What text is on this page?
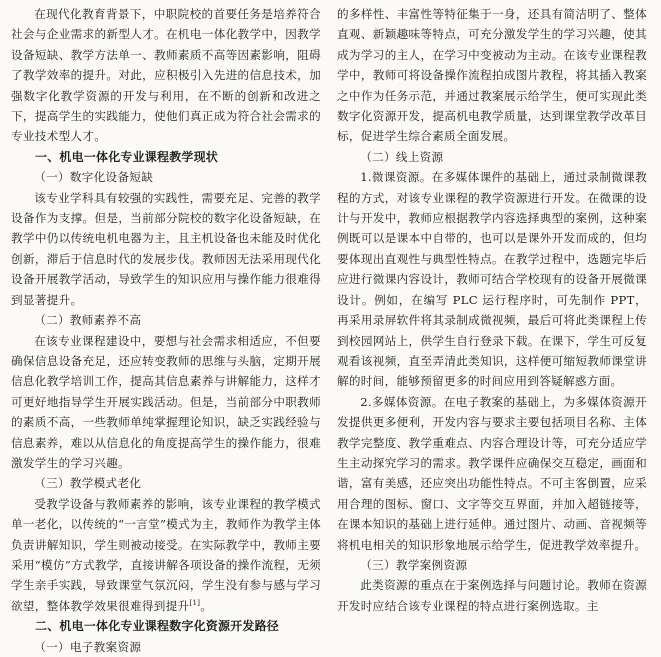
在现代化教育背景下，中职院校的首要任务是培养符合社会与企业需求的新型人才。在机电一体化教学中，因教学设备短缺、教学方法单一、教师素质不高等因素影响，阻碍了教学效率的提升。对此，应积极引入先进的信息技术，加强数字化教学资源的开发与利用，在不断的创新和改进之下，提高学生的实践能力，使他们真正成为符合社会需求的专业技术型人才。

一、机电一体化专业课程教学现状
（一）数字化设备短缺

该专业学科具有较强的实践性，需要充足、完善的教学设备作为支撑。但是，当前部分院校的数字化设备短缺，在教学中仍以传统电机电器为主，且主机设备也未能及时优化创新，滞后于信息时代的发展步伐。教师因无法采用现代化设备开展教学活动，导致学生的知识应用与操作能力很难得到显著提升。

（二）教师素养不高

在该专业课程建设中，要想与社会需求相适应，不但要确保信息设备充足，还应转变教师的思维与头脑，定期开展信息化教学培训工作，提高其信息素养与讲解能力，这样才可更好地指导学生开展实践活动。但是，当前部分中职教师的素质不高，一些教师单纯掌握理论知识，缺乏实践经验与信息素养，难以从信息化的角度提高学生的操作能力，很难激发学生的学习兴趣。

（三）教学模式老化

受教学设备与教师素养的影响，该专业课程的教学模式单一老化，以传统的“一言堂”模式为主，教师作为教学主体负责讲解知识，学生则被动接受。在实际教学中，教师主要采用“模仿”方式教学，直接讲解各项设备的操作流程，无须学生亲手实践，导致课堂气氛沉闷，学生没有参与感与学习欲望，整体教学效果很难得到提升[1]。

二、机电一体化专业课程数字化资源开发路径
（一）电子教案资源

的多样性、丰富性等特征集于一身，还具有简洁明了、整体直观、新颖趣味等特点，可充分激发学生的学习兴趣，使其成为学习的主人，在学习中变被动为主动。在该专业课程教学中，教师可将设备操作流程拍成图片教程，将其插入教案之中作为任务示范，并通过教案展示给学生，便可实现此类数字化资源开发，提高机电教学质量，达到课堂教学改革目标，促进学生综合素质全面发展。

（二）线上资源

1.微课资源。在多媒体课件的基础上，通过录制微课教程的方式，对该专业课程的教学资源进行开发。在微课的设计与开发中，教师应根据教学内容选择典型的案例，这种案例既可以是课本中自带的，也可以是课外开发而成的，但均要体现出直观性与典型性特点。在教学过程中，选题完毕后应进行微课内容设计，教师可结合学校现有的设备开展微课设计。例如，在编写 PLC 运行程序时，可先制作 PPT，再采用录屏软件将其录制成微视频，最后可将此类课程上传到校园网站上，供学生自行登录下载。在课下，学生可反复观看该视频，直至弄清此类知识，这样便可缩短教师课堂讲解的时间，能够预留更多的时间应用到答疑解惑方面。

2.多媒体资源。在电子教案的基础上，为多媒体资源开发提供更多便利，开发内容与要求主要包括项目名称、主体教学完整度、教学重难点、内容合理设计等，可充分适应学生主动探究学习的需求。教学课件应确保交互稳定，画面和谐，富有美感，还应突出功能性特点。不可主客倒置，应采用合理的图标、窗口、文字等交互界面，并加入超链接等，在课本知识的基础上进行延伸。通过图片、动画、音视频等将机电相关的知识形象地展示给学生，促进教学效率提升。

（三）教学案例资源

此类资源的重点在于案例选择与问题讨论。教师在资源开发时应结合该专业课程的特点进行案例选取。主
